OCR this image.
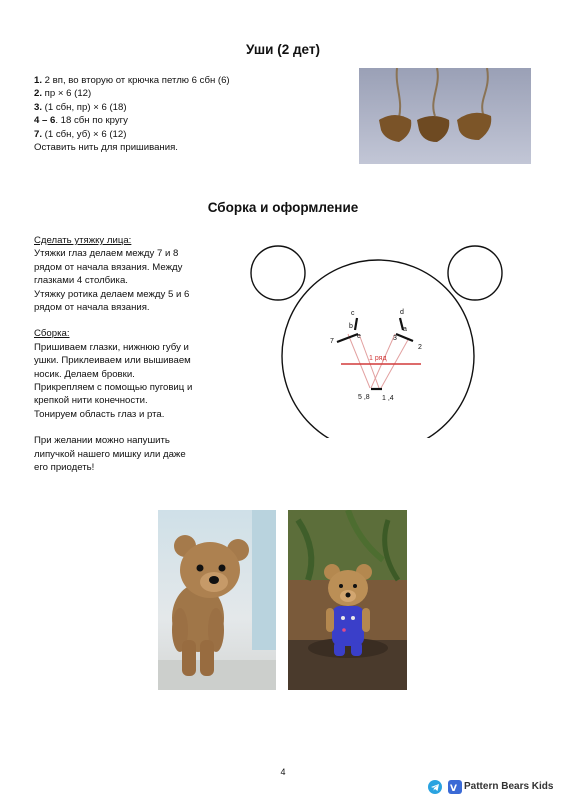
Уши (2 дет)
1. 2 вп, во вторую от крючка петлю 6 сбн (6)
2. пр × 6 (12)
3. (1 сбн, пр) × 6 (18)
4 – 6. 18 сбн по кругу
7. (1 сбн, уб) × 6 (12)
Оставить нить для пришивания.
Сборка и оформление
Сделать утяжку лица:
Утяжки глаз делаем между 7 и 8
рядом от начала вязания. Между
глазками 4 столбика.
Утяжку ротика делаем между 5 и 6
рядом от начала вязания.
Сборка:
Пришиваем глазки, нижнюю губу и
ушки. Приклеиваем или вышиваем
носик. Делаем бровки.
Прикрепляем с помощью пуговиц и
крепкой нити конечности.
Тонируем область глаз и рта.
При желании можно напушить
липучкой нашего мишку или даже
его приодеть!
c
b
e
7
d
a
3
2
5 ,8 1 ,4
1 ряд
4
V Pattern Bears Kids
